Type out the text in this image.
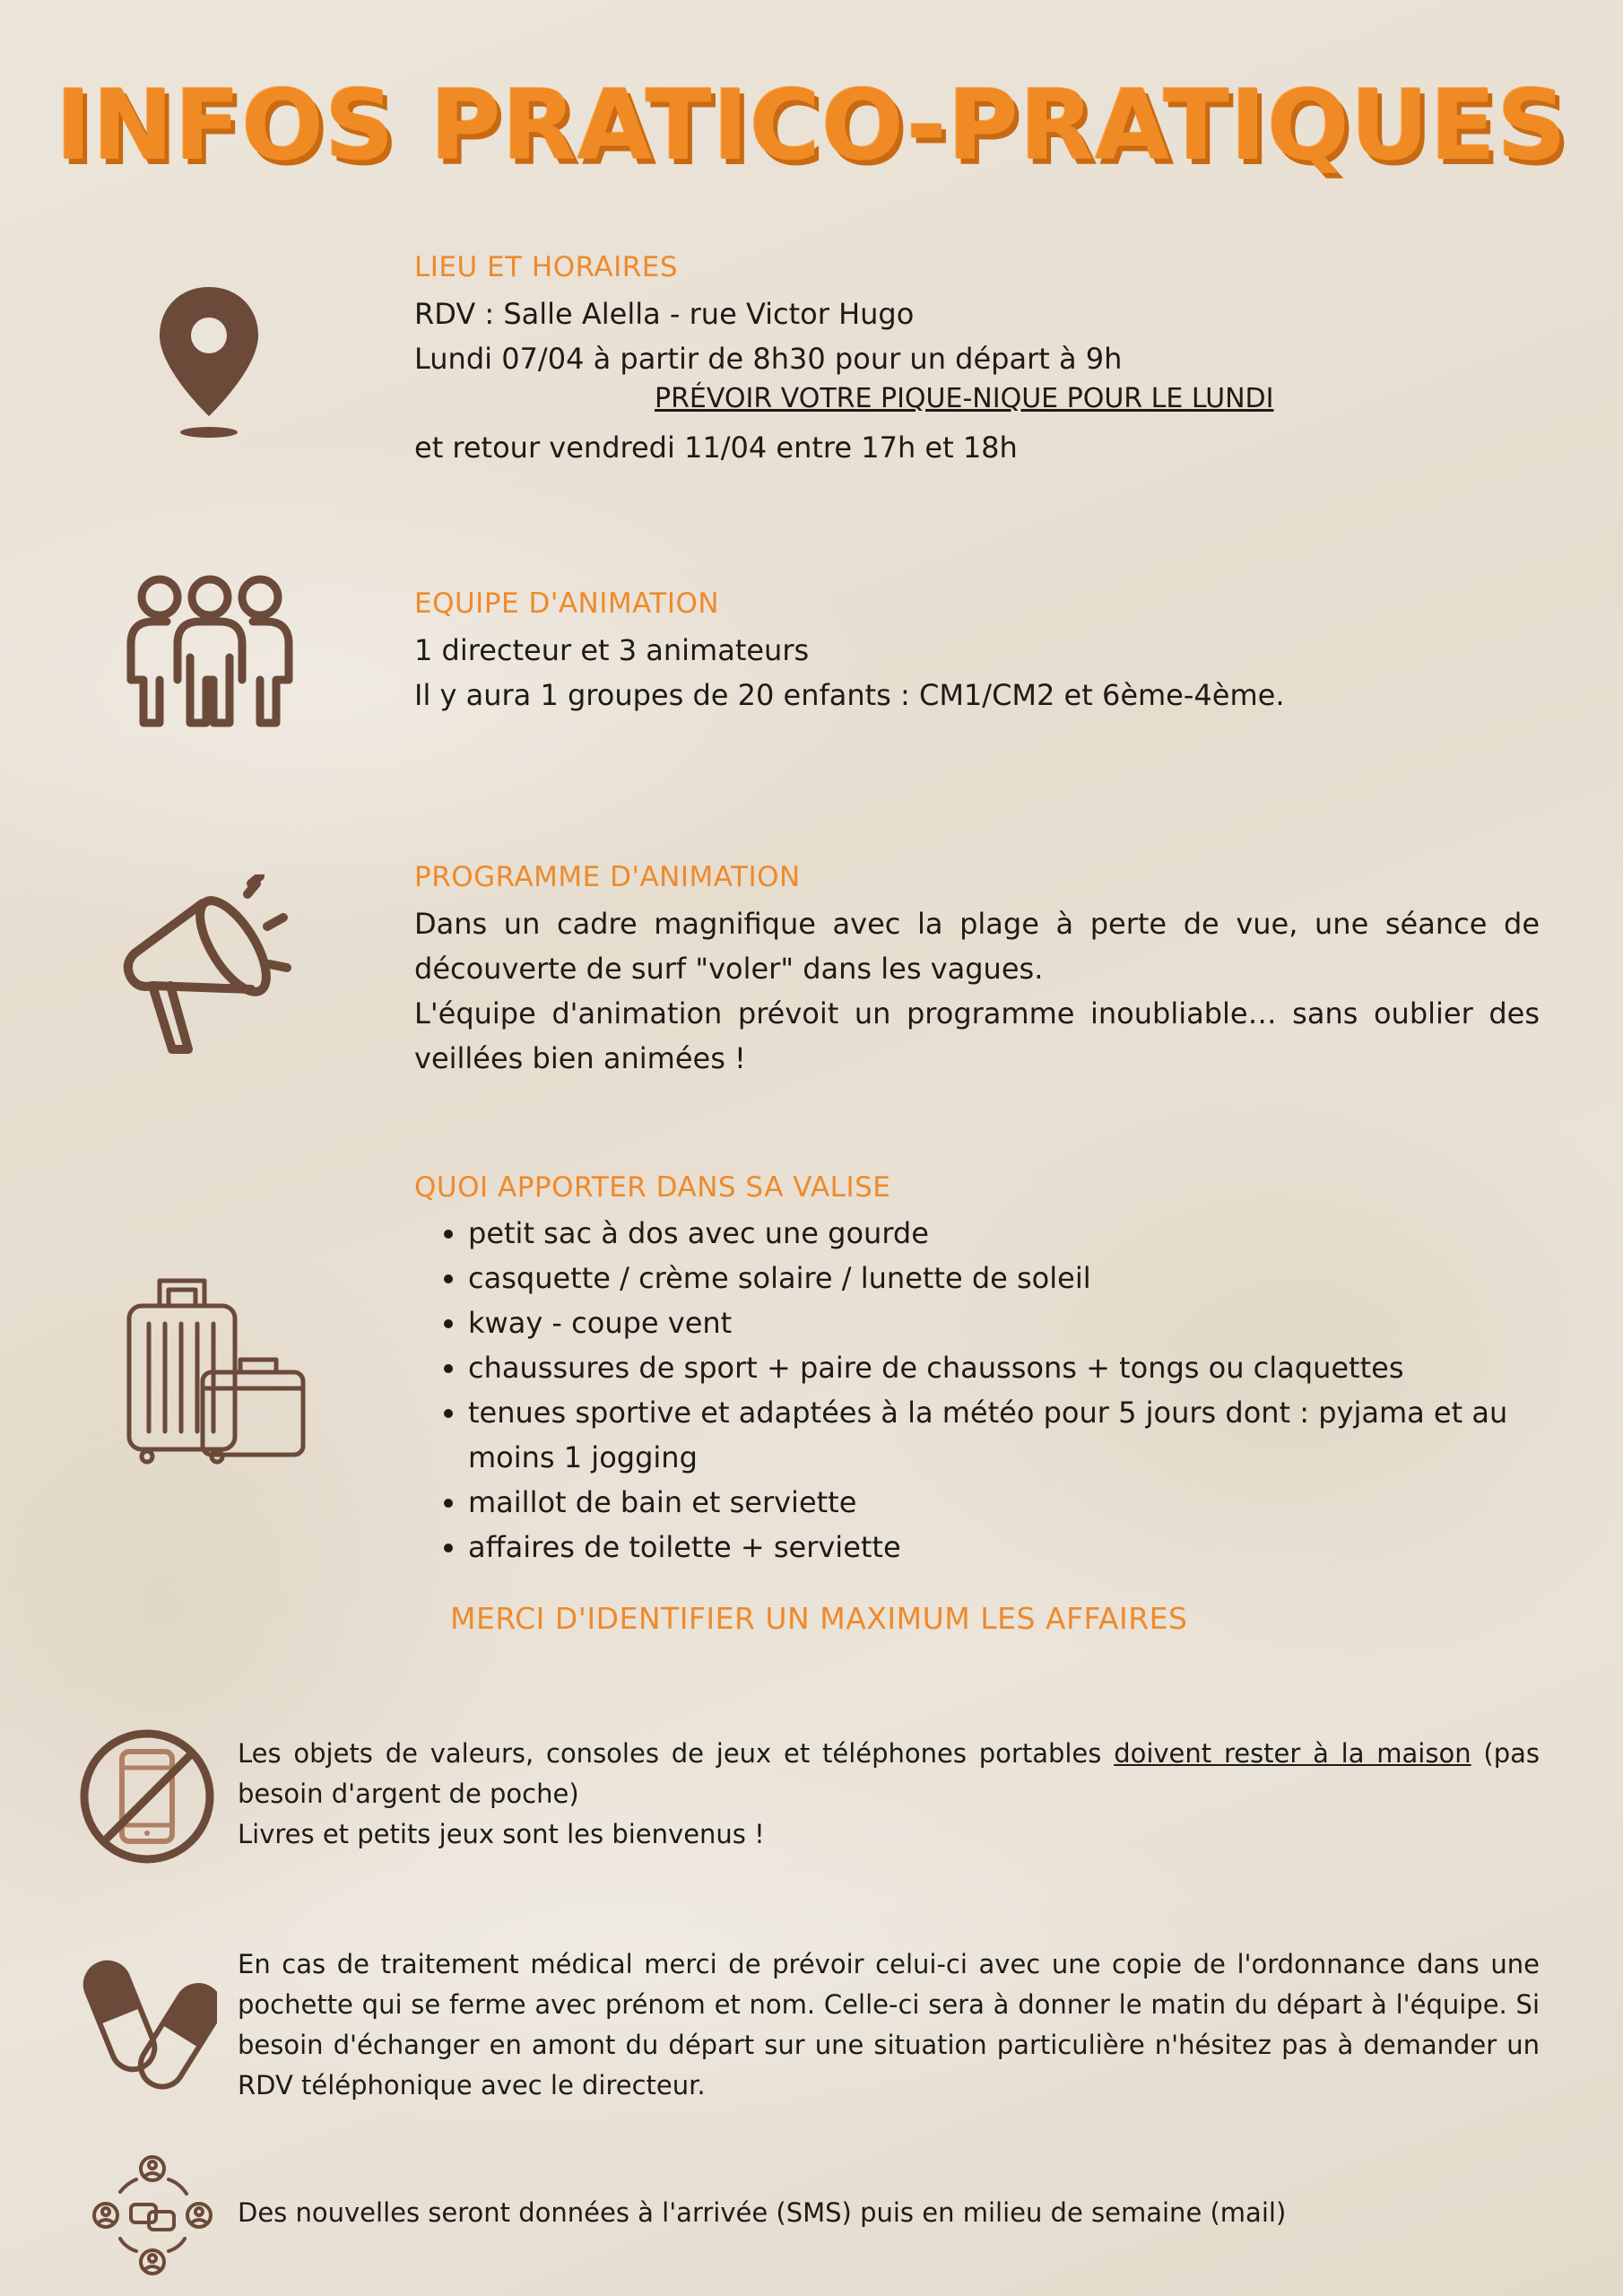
INFOS PRATICO-PRATIQUES
LIEU ET HORAIRES
RDV : Salle Alella - rue Victor Hugo
Lundi 07/04 à partir de 8h30 pour un départ à 9h
PRÉVOIR VOTRE PIQUE-NIQUE POUR LE LUNDI
et retour vendredi 11/04 entre 17h et 18h
EQUIPE D'ANIMATION
1 directeur et 3 animateurs
Il y aura 1 groupes de 20 enfants : CM1/CM2 et 6ème-4ème.
PROGRAMME D'ANIMATION
Dans un cadre magnifique avec la plage à perte de vue, une séance de découverte de surf "voler" dans les vagues.
L'équipe d'animation prévoit un programme inoubliable… sans oublier des veillées bien animées !
QUOI APPORTER DANS SA VALISE
• petit sac à dos avec une gourde
• casquette / crème solaire / lunette de soleil
• kway - coupe vent
• chaussures de sport + paire de chaussons + tongs ou claquettes
• tenues sportive et adaptées à la météo pour 5 jours dont : pyjama et au moins 1 jogging
• maillot de bain et serviette
• affaires de toilette + serviette
MERCI D'IDENTIFIER UN MAXIMUM LES AFFAIRES
Les objets de valeurs, consoles de jeux et téléphones portables doivent rester à la maison (pas besoin d'argent de poche)
Livres et petits jeux sont les bienvenus !
En cas de traitement médical merci de prévoir celui-ci avec une copie de l'ordonnance dans une pochette qui se ferme avec prénom et nom. Celle-ci sera à donner le matin du départ à l'équipe. Si besoin d'échanger en amont du départ sur une situation particulière n'hésitez pas à demander un RDV téléphonique avec le directeur.
Des nouvelles seront données à l'arrivée (SMS) puis en milieu de semaine (mail)
